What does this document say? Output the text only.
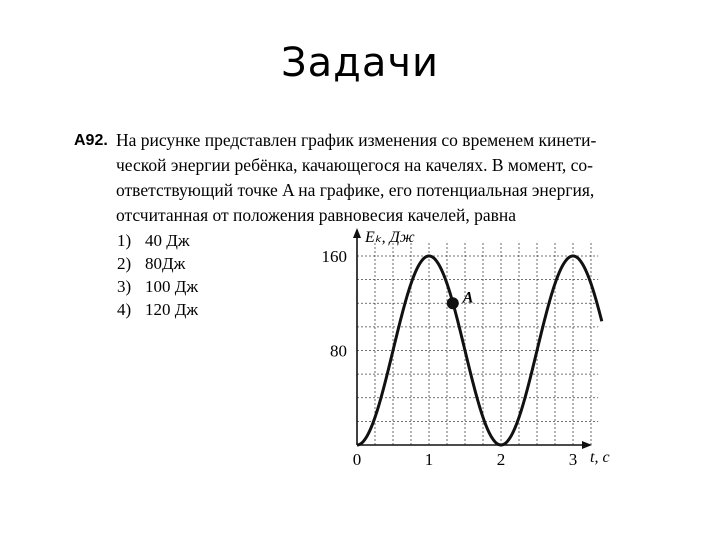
Задачи
А92. На рисунке представлен график изменения со временем кинети-
ческой энергии ребёнка, качающегося на качелях. В момент, со-
ответствующий точке A на графике, его потенциальная энергия,
отсчитанная от положения равновесия качелей, равна
1) 40 Дж
2) 80Дж
3) 100 Дж
4) 120 Дж
80
160
0	1	2	3
A
Eₖ, Дж
t, с
